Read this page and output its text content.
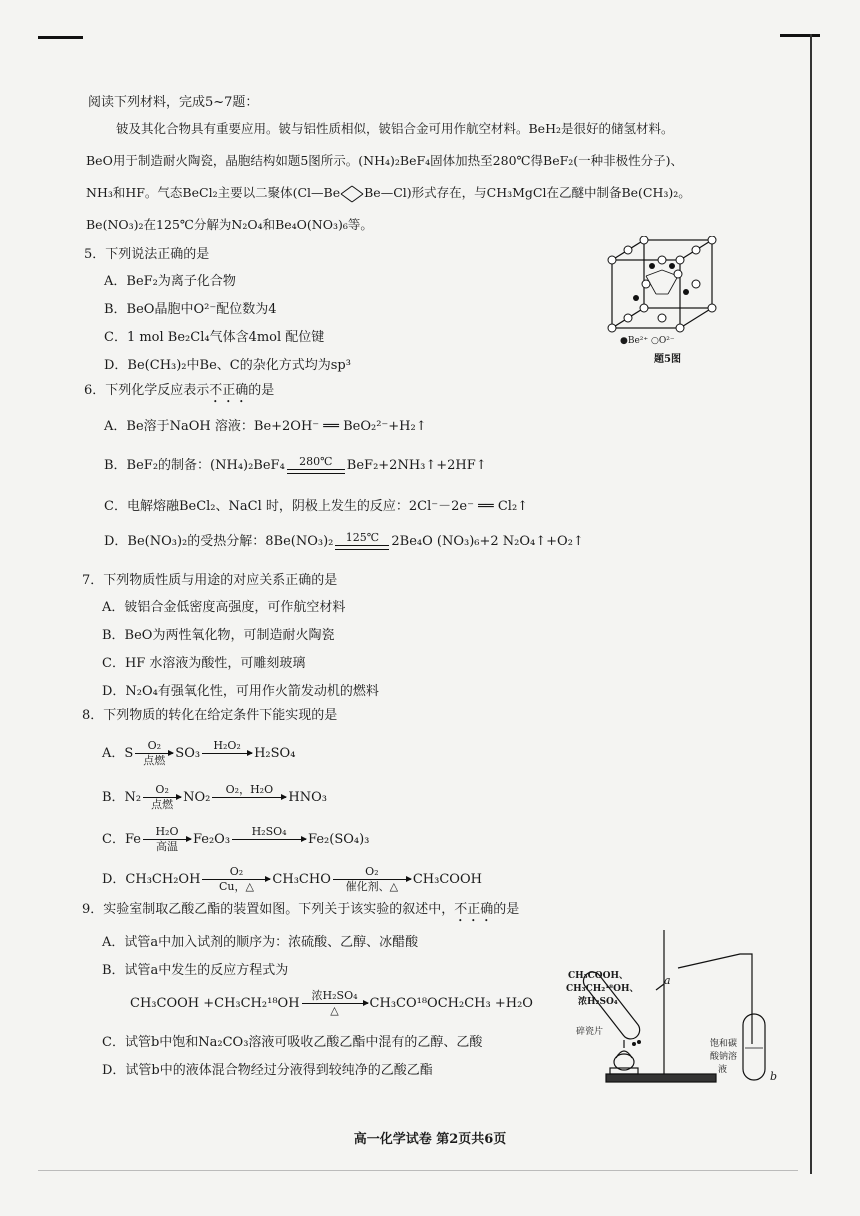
阅读下列材料，完成5~7题：
铍及其化合物具有重要应用。铍与铝性质相似，铍铝合金可用作航空材料。BeH₂是很好的储氢材料。
BeO用于制造耐火陶瓷，晶胞结构如题5图所示。(NH₄)₂BeF₄固体加热至280℃得BeF₂(一种非极性分子)、
NH₃和HF。气态BeCl₂主要以二聚体(Cl—Be Be—Cl)形式存在，与CH₃MgCl在乙醚中制备Be(CH₃)₂。
Be(NO₃)₂在125℃分解为N₂O₄和Be₄O(NO₃)₆等。
5．下列说法正确的是
A．BeF₂为离子化合物
B．BeO晶胞中O²⁻配位数为4
C．1 mol Be₂Cl₄气体含4mol 配位键
D．Be(CH₃)₂中Be、C的杂化方式均为sp³
●Be²⁺ ○O²⁻
题5图
6．下列化学反应表示不正确的是
A．Be溶于NaOH 溶液：Be+2OH⁻ ══ BeO₂²⁻+H₂↑
B．BeF₂的制备：(NH₄)₂BeF₄	280℃	BeF₂+2NH₃↑+2HF↑
C．电解熔融BeCl₂、NaCl 时，阴极上发生的反应：2Cl⁻－2e⁻ ══ Cl₂↑
D．Be(NO₃)₂的受热分解：8Be(NO₃)₂	125℃ 2Be₄O (NO₃)₆+2 N₂O₄↑+O₂↑
7．下列物质性质与用途的对应关系正确的是
A．铍铝合金低密度高强度，可作航空材料
B．BeO为两性氧化物，可制造耐火陶瓷
C．HF 水溶液为酸性，可雕刻玻璃
D．N₂O₄有强氧化性，可用作火箭发动机的燃料
8．下列物质的转化在给定条件下能实现的是
A．S
O₂
点燃 SO₃
H₂O₂

H₂SO₄
B．N₂
O₂
点燃 NO₂
O₂，H₂O

HNO₃
C．Fe
H₂O
高温	Fe₂O₃
H₂SO₄

Fe₂(SO₄)₃
D．$CH_3CH_2OH \frac{\text{O₂}}{Cu,\triangle} CH_3CHO$
O₂
催化剂、△	CH₃COOH
9．实验室制取乙酸乙酯的装置如图。下列关于该实验的叙述中，不正确的是
A．试管a中加入试剂的顺序为：浓硫酸、乙醇、冰醋酸
B．试管a中发生的反应方程式为
CH₃COOH +CH₃CH₂¹⁸OH
浓H₂SO₄
△	CH₃CO¹⁸OCH₂CH₃ +H₂O
C．试管b中饱和Na₂CO₃溶液可吸收乙酸乙酯中混有的乙醇、乙酸
D．试管b中的液体混合物经过分液得到较纯净的乙酸乙酯
CH₃COOH、
CH₃CH₂¹⁸OH、
浓H₂SO₄
a
碎瓷片
饱和碳
酸钠溶
液	b
高一化学试卷 第2页共6页
